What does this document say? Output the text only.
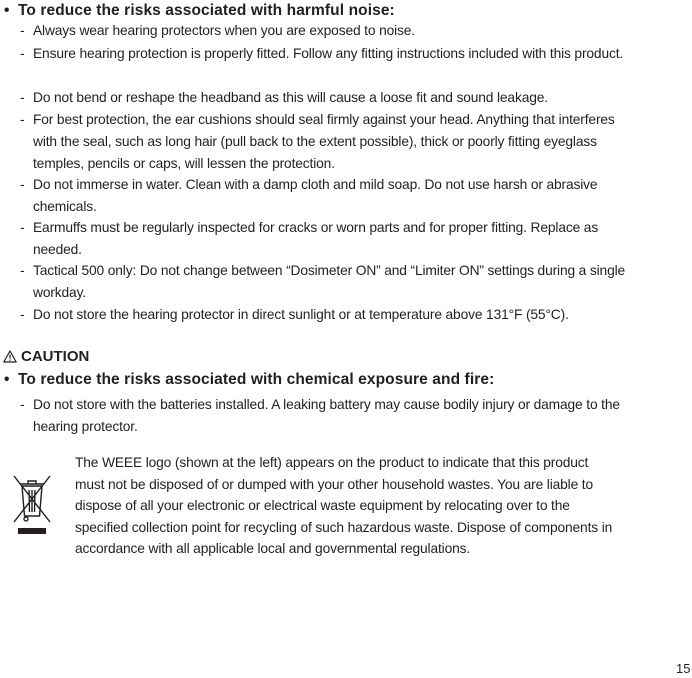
• To reduce the risks associated with harmful noise:
- Always wear hearing protectors when you are exposed to noise.
- Ensure hearing protection is properly fitted. Follow any fitting instructions included with this product.
- Do not bend or reshape the headband as this will cause a loose fit and sound leakage.
- For best protection, the ear cushions should seal firmly against your head. Anything that interferes with the seal, such as long hair (pull back to the extent possible), thick or poorly fitting eyeglass temples, pencils or caps, will lessen the protection.
- Do not immerse in water. Clean with a damp cloth and mild soap. Do not use harsh or abrasive chemicals.
- Earmuffs must be regularly inspected for cracks or worn parts and for proper fitting. Replace as needed.
- Tactical 500 only: Do not change between “Dosimeter ON” and “Limiter ON” settings during a single workday.
- Do not store the hearing protector in direct sunlight or at temperature above 131°F (55°C).
CAUTION
• To reduce the risks associated with chemical exposure and fire:
- Do not store with the batteries installed. A leaking battery may cause bodily injury or damage to the hearing protector.
The WEEE logo (shown at the left) appears on the product to indicate that this product must not be disposed of or dumped with your other household wastes. You are liable to dispose of all your electronic or electrical waste equipment by relocating over to the specified collection point for recycling of such hazardous waste. Dispose of components in accordance with all applicable local and governmental regulations.
15
